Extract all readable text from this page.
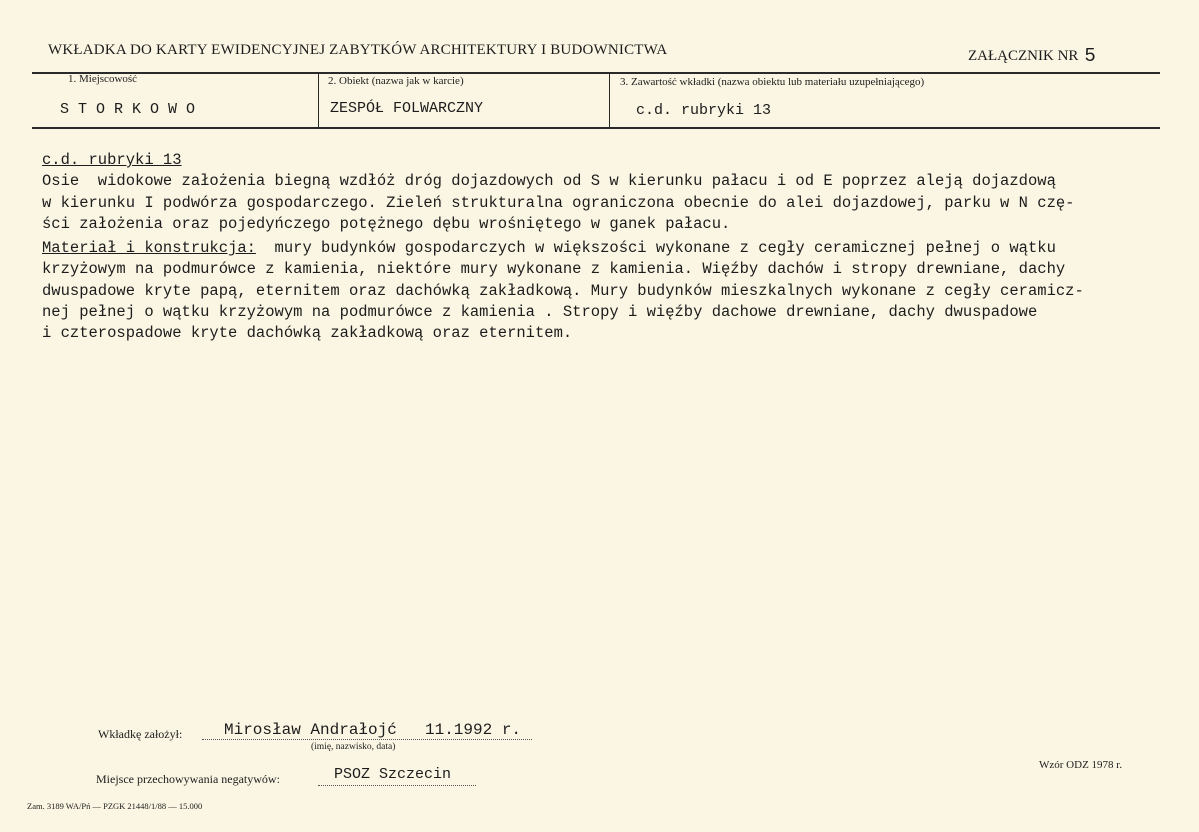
WKŁADKA DO KARTY EWIDENCYJNEJ ZABYTKÓW ARCHITEKTURY I BUDOWNICTWA	ZAŁĄCZNIK NR 5
1. Miejscowość
S T O R K O W O
2. Obiekt (nazwa jak w karcie)
ZESPÓŁ FOLWARCZNY
3. Zawartość wkładki (nazwa obiektu lub materiału uzupełniającego)
c.d. rubryki 13
c.d. rubryki 13
Osie  widokowe założenia biegną wzdłóż dróg dojazdowych od S w kierunku pałacu i od E poprzez aleją dojazdową
w kierunku I podwórza gospodarczego. Zieleń strukturalna ograniczona obecnie do alei dojazdowej, parku w N czę-
ści założenia oraz pojedyńczego potężnego dębu wrośniętego w ganek pałacu.
Materiał i konstrukcja:  mury budynków gospodarczych w większości wykonane z cegły ceramicznej pełnej o wątku
krzyżowym na podmurówce z kamienia, niektóre mury wykonane z kamienia. Więźby dachów i stropy drewniane, dachy
dwuspadowe kryte papą, eternitem oraz dachówką zakładkową. Mury budynków mieszkalnych wykonane z cegły ceramicz-
nej pełnej o wątku krzyżowym na podmurówce z kamienia . Stropy i więźby dachowe drewniane, dachy dwuspadowe
i czterospadowe kryte dachówką zakładkową oraz eternitem.
Wkładkę założył:	Mirosław Andrałojć 11.1992 r.
(imię, nazwisko, data)
Miejsce przechowywania negatywów:	PSOZ Szczecin
Wzór ODZ 1978 r.
Zam. 3189 WA/Pń — PZGK 21448/1/88 — 15.000
